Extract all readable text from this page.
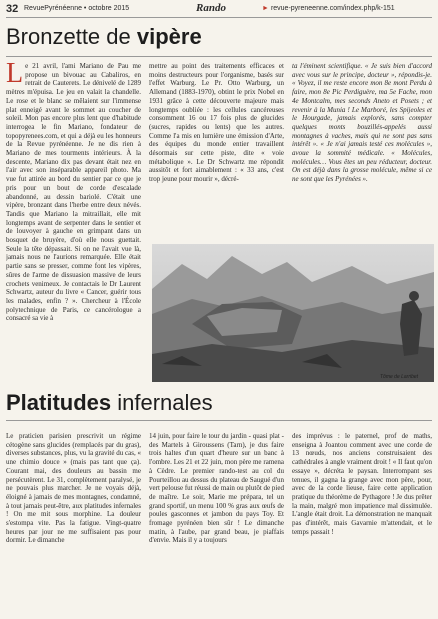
32 RevuePyrénéenne • octobre 2015	Rando	► revue-pyreneenne.com/index.php/k-151
Bronzette de vipère

Le 21 avril, l'ami Mariano de Pau me propose un bivouac au Cabaliros, en retrait de Cauterets. Le dénivelé de 1289 mètres m'épuisa. Le jeu en valait la chandelle. Le rose et le blanc se mêlaient sur l'immense plat enneigé avant le sommet au coucher de soleil. Mon pas encore plus lent que d'habitude interrogea le fin Mariano, fondateur de topopyrenees.com, et qui a déjà eu les honneurs de la Revue pyrénéenne. Je ne dis rien à Mariano de mes tourments intérieurs. À la descente, Mariano dix pas devant était nez en l'air avec son inséparable appareil photo. Ma vue fut attirée au bord du sentier par ce que je pris pour un bout de corde d'escalade abandonné, au dessin bariolé. C'était une vipère, bronzant dans l'herbe entre deux névés. Tandis que Mariano la mitraillait, elle mit longtemps avant de serpenter dans le sentier et de louvoyer à gauche en grimpant dans un bosquet de bruyère, d'où elle nous guettait. Seule la tête dépassait. Si on ne l'avait vue là, jamais nous ne l'aurions remarquée. Elle était partie sans se presser, comme font les vipères, sûres de l'arme de dissuasion massive de leurs crochets venimeux. Je contactais le Dr Laurent Schwartz, auteur du livre « Cancer, guérir tous les malades, enfin ? ». Chercheur à l'École polytechnique de Paris, ce cancérologue a consacré sa vie à

mettre au point des traitements efficaces et moins destructeurs pour l'organisme, basés sur l'effet Warburg. Le Pr. Otto Warburg, un Allemand (1883-1970), obtint le prix Nobel en 1931 grâce à cette découverte majeure mais longtemps oubliée : les cellules cancéreuses consomment 16 ou 17 fois plus de glucides (sucres, rapides ou lents) que les autres. Comme l'a mis en lumière une émission d'Arte, des équipes du monde entier travaillent désormais sur cette piste, dite « voie métabolique ». Le Dr Schwartz me répondit aussitôt et fort aimablement : « 33 ans, c'est trop jeune pour mourir », décré-

ta l'éminent scientifique. « Je suis bien d'accord avec vous sur le principe, docteur », répondis-je. « Voyez, il me reste encore mon 8e mont Perdu à faire, mon 8e Pic Perdiguère, ma 5e Fache, mon 4e Montcalm, mes seconds Aneto et Posets ; et revenir à la Munia ! Le Marboré, les Spijeoles et le Hourgade, jamais explorés, sans compter quelques monts bouzillés-appelés aussi montagnes à vaches, mais qui ne sont pas sans intérêt ». « Je n'ai jamais testé ces molécules », avoue la sommité médicale. « Molécules, molécules… Vous êtes un peu réducteur, docteur. On est déjà dans la grosse molécule, même si ce ne sont que les Pyrénées ».

Tôme de Larribet
Platitudes infernales

Le praticien parisien prescrivit un régime cétogène sans glucides (remplacés par du gras), diverses substances, plus, vu la gravité du cas, « une chimio douce » (mais pas tant que ça). Courant mai, des douleurs au bassin me persécutèrent. Le 31, complètement paralysé, je ne pouvais plus marcher. Je ne voyais déjà, éloigné à jamais de mes montagnes, condamné, à tout jamais peut-être, aux platitudes infernales ! On me mit sous morphine. La douleur s'estompa vite. Pas la fatigue. Vingt-quatre heures par jour ne me suffisaient pas pour dormir. Le dimanche

14 juin, pour faire le tour du jardin - quasi plat - des Martels à Giroussens (Tarn), je dus faire trois haltes d'un quart d'heure sur un banc à l'ombre. Les 21 et 22 juin, mon père me ramena à Cèdre. Le premier rando-test au col du Pourteillou au dessus du plateau de Saugué d'un vert pelouse fut réussi de main ou plutôt de pied de maître. Le soir, Marie me prépara, tel un grand sportif, un menu 100 % gras aux œufs de poules gasconnes et jambon du pays Toy. Et fromage pyrénéen bien sûr ! Le dimanche matin, à l'aube, par grand beau, je piaffais d'envie. Mais il y a toujours

des imprévus : le paternel, prof de maths, enseigna à Joantou comment avec une corde de 13 nœuds, nos anciens construisaient des cathédrales à angle vraiment droit ! « Il faut qu'on essaye », décréta le paysan. Interrompant ses tenues, il gagna la grange avec mon père, pour, avec de la corde lieuse, faire cette application pratique du théorème de Pythagore ! Je dus prêter la main, malgré mon impatience mal dissimulée. L'angle était droit. La démonstration ne manquait pas d'intérêt, mais Gavarnie m'attendait, et le temps passait !
